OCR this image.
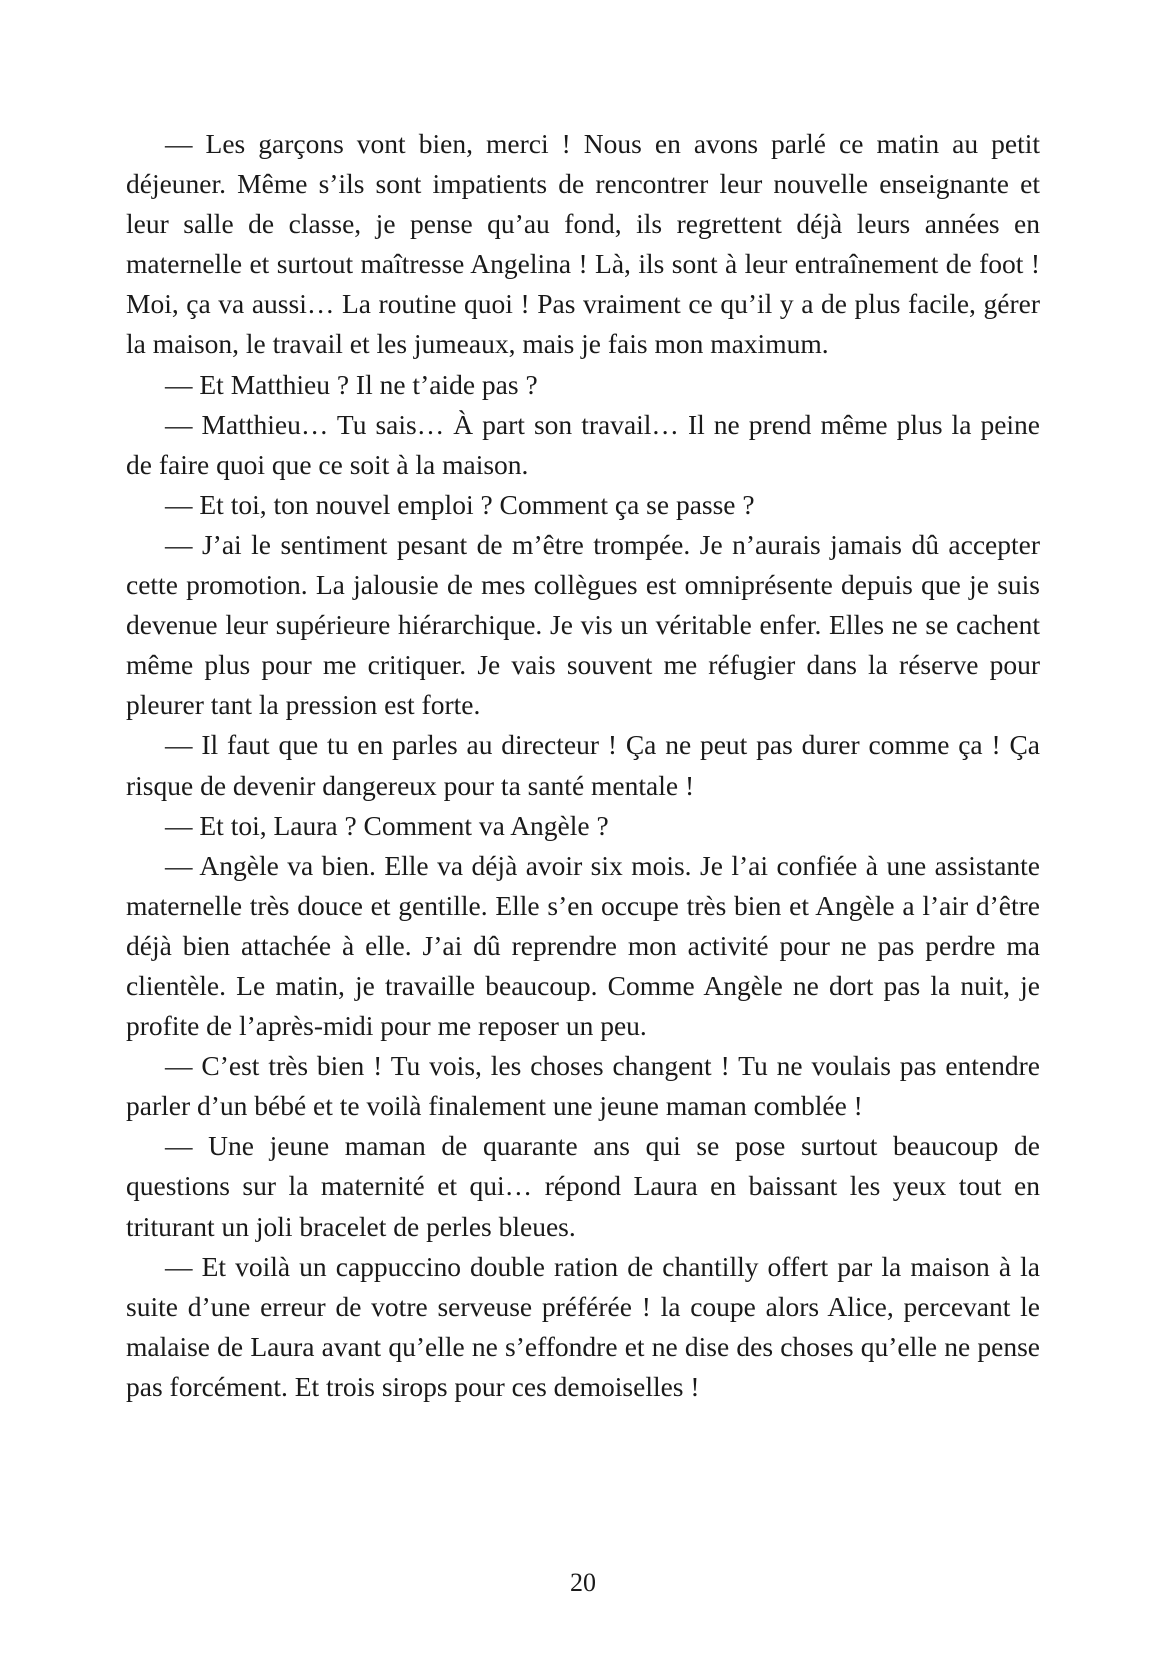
— Les garçons vont bien, merci ! Nous en avons parlé ce matin au petit déjeuner. Même s’ils sont impatients de rencontrer leur nouvelle enseignante et leur salle de classe, je pense qu’au fond, ils regrettent déjà leurs années en maternelle et surtout maîtresse Angelina ! Là, ils sont à leur entraînement de foot ! Moi, ça va aussi… La routine quoi ! Pas vraiment ce qu’il y a de plus facile, gérer la maison, le travail et les jumeaux, mais je fais mon maximum.

— Et Matthieu ? Il ne t’aide pas ?

— Matthieu… Tu sais… À part son travail… Il ne prend même plus la peine de faire quoi que ce soit à la maison.

— Et toi, ton nouvel emploi ? Comment ça se passe ?

— J’ai le sentiment pesant de m’être trompée. Je n’aurais jamais dû accepter cette promotion. La jalousie de mes collègues est omniprésente depuis que je suis devenue leur supérieure hiérarchique. Je vis un véritable enfer. Elles ne se cachent même plus pour me critiquer. Je vais souvent me réfugier dans la réserve pour pleurer tant la pression est forte.

— Il faut que tu en parles au directeur ! Ça ne peut pas durer comme ça ! Ça risque de devenir dangereux pour ta santé mentale !

— Et toi, Laura ? Comment va Angèle ?

— Angèle va bien. Elle va déjà avoir six mois. Je l’ai confiée à une assistante maternelle très douce et gentille. Elle s’en occupe très bien et Angèle a l’air d’être déjà bien attachée à elle. J’ai dû reprendre mon activité pour ne pas perdre ma clientèle. Le matin, je travaille beaucoup. Comme Angèle ne dort pas la nuit, je profite de l’après-midi pour me reposer un peu.

— C’est très bien ! Tu vois, les choses changent ! Tu ne voulais pas entendre parler d’un bébé et te voilà finalement une jeune maman comblée !

— Une jeune maman de quarante ans qui se pose surtout beaucoup de questions sur la maternité et qui… répond Laura en baissant les yeux tout en triturant un joli bracelet de perles bleues.

— Et voilà un cappuccino double ration de chantilly offert par la maison à la suite d’une erreur de votre serveuse préférée ! la coupe alors Alice, percevant le malaise de Laura avant qu’elle ne s’effondre et ne dise des choses qu’elle ne pense pas forcément. Et trois sirops pour ces demoiselles !

20
